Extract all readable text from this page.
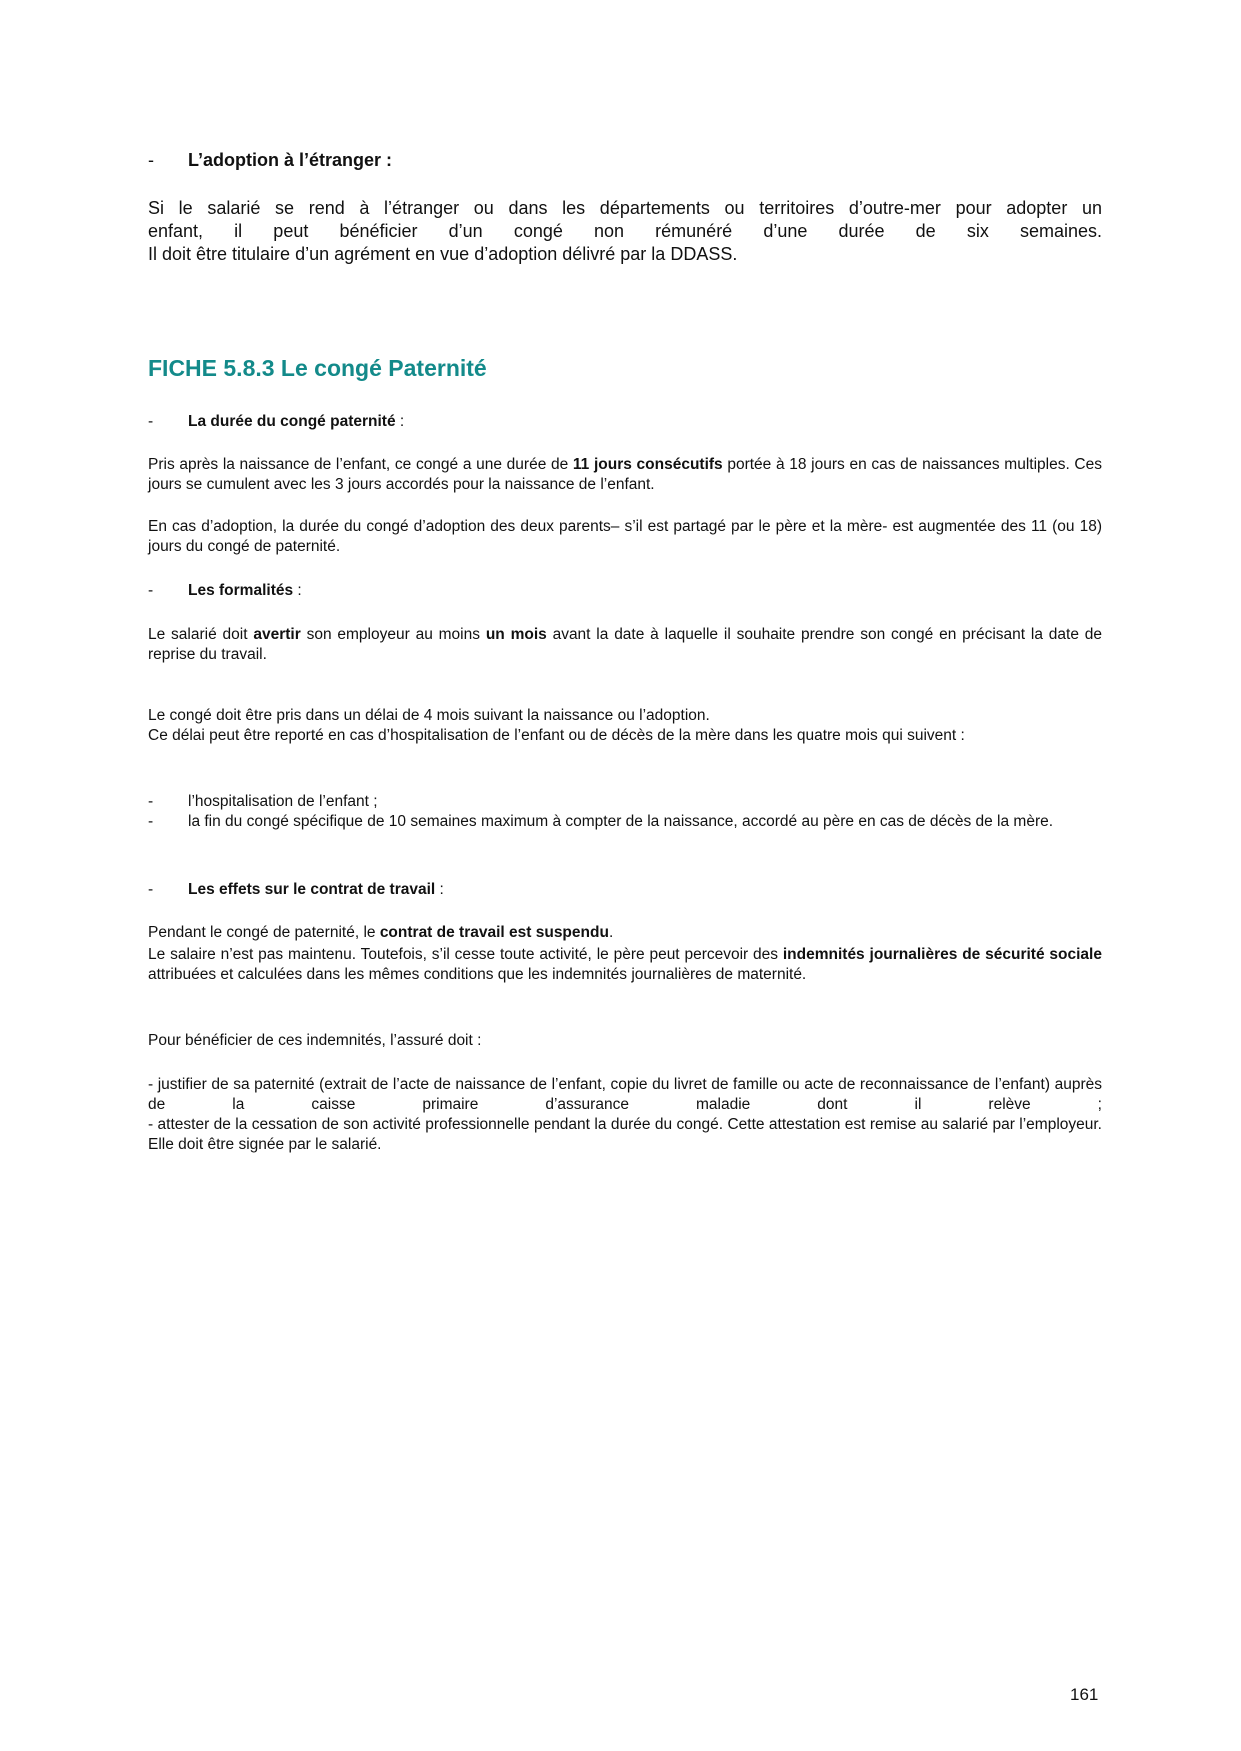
- L’adoption à l’étranger :
Si le salarié se rend à l’étranger ou dans les départements ou territoires d’outre-mer pour adopter un
enfant, il peut bénéficier d’un congé non rémunéré d’une durée de six semaines.
Il doit être titulaire d’un agrément en vue d’adoption délivré par la DDASS.
FICHE 5.8.3 Le congé Paternité
- La durée du congé paternité :
Pris après la naissance de l’enfant, ce congé a une durée de 11 jours consécutifs portée à 18 jours en cas de naissances multiples. Ces jours se cumulent avec les 3 jours accordés pour la naissance de l’enfant.
En cas d’adoption, la durée du congé d’adoption des deux parents– s’il est partagé par le père et la mère- est augmentée des 11 (ou 18) jours du congé de paternité.
- Les formalités :
Le salarié doit avertir son employeur au moins un mois avant la date à laquelle il souhaite prendre son congé en précisant la date de reprise du travail.
Le congé doit être pris dans un délai de 4 mois suivant la naissance ou l’adoption.
Ce délai peut être reporté en cas d’hospitalisation de l’enfant ou de décès de la mère dans les quatre mois qui suivent :
-	l’hospitalisation de l’enfant ;
-	la fin du congé spécifique de 10 semaines maximum à compter de la naissance, accordé au père en cas de décès de la mère.
- Les effets sur le contrat de travail :
Pendant le congé de paternité, le contrat de travail est suspendu.
Le salaire n’est pas maintenu. Toutefois, s’il cesse toute activité, le père peut percevoir des indemnités journalières de sécurité sociale attribuées et calculées dans les mêmes conditions que les indemnités journalières de maternité.
Pour bénéficier de ces indemnités, l’assuré doit :
- justifier de sa paternité (extrait de l’acte de naissance de l’enfant, copie du livret de famille ou acte de reconnaissance de l’enfant) auprès de la caisse primaire d’assurance maladie dont il relève ;
- attester de la cessation de son activité professionnelle pendant la durée du congé. Cette attestation est remise au salarié par l’employeur. Elle doit être signée par le salarié.
161
